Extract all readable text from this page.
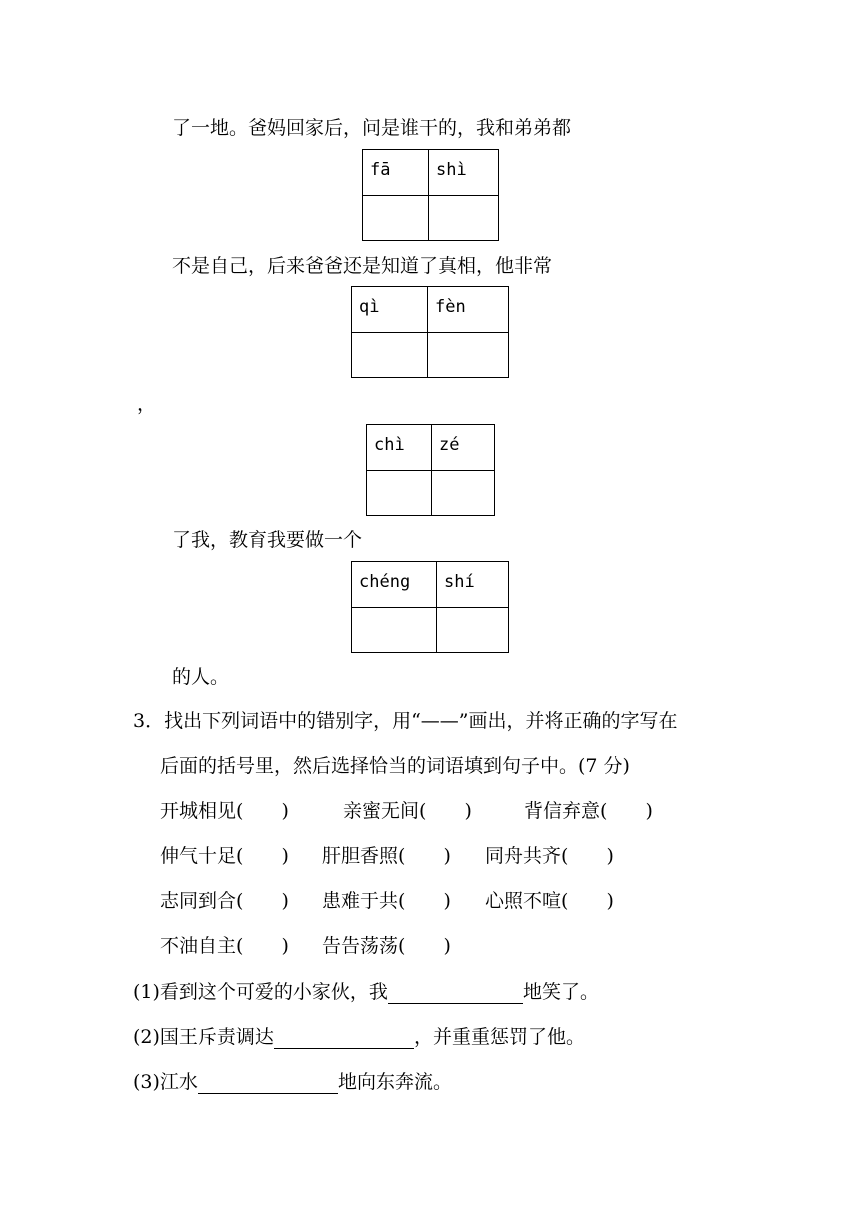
了一地。爸妈回家后，问是谁干的，我和弟弟都
fā	shì
不是自己，后来爸爸还是知道了真相，他非常
qì	fèn
，
chì	zé
了我，教育我要做一个
chéng	shí
的人。
3．找出下列词语中的错别字，用“——”画出，并将正确的字写在
后面的括号里，然后选择恰当的词语填到句子中。(7 分)
开城相见( )	亲蜜无间( )	背信弃意( )
伸气十足( ) 肝胆香照( ) 同舟共齐( )
志同到合( ) 患难于共( ) 心照不喧( )
不油自主( ) 告告荡荡( )
(1)看到这个可爱的小家伙，我	地笑了。
(2)国王斥责调达	，并重重惩罚了他。
(3)江水	地向东奔流。
